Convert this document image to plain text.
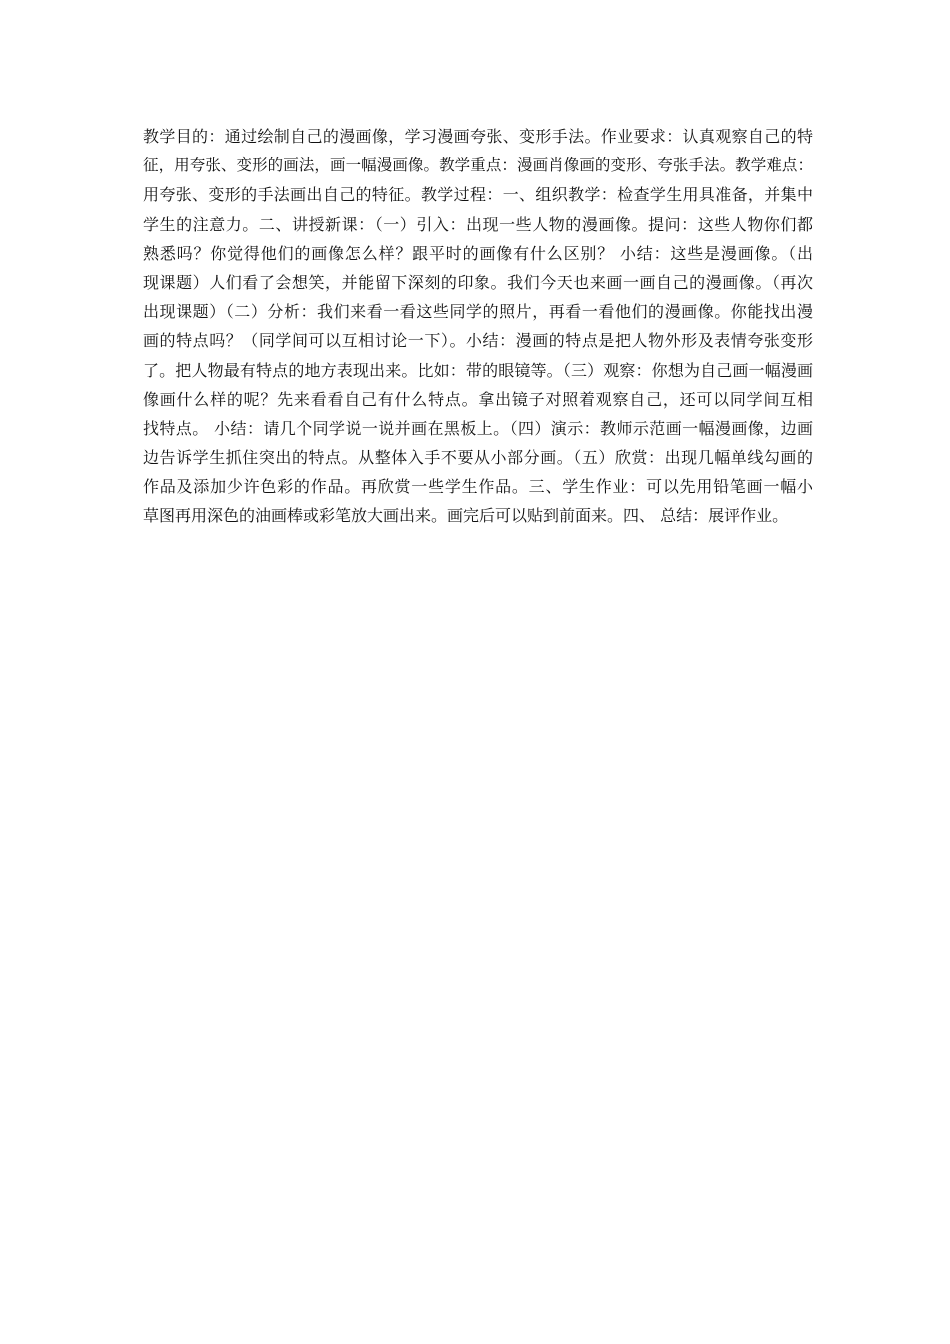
教学目的：通过绘制自己的漫画像，学习漫画夸张、变形手法。作业要求：认真观察自己的特
征，用夸张、变形的画法，画一幅漫画像。教学重点：漫画肖像画的变形、夸张手法。教学难点：
用夸张、变形的手法画出自己的特征。教学过程：一、组织教学：检查学生用具准备，并集中
学生的注意力。二、讲授新课：（一）引入：出现一些人物的漫画像。提问：这些人物你们都
熟悉吗？你觉得他们的画像怎么样？跟平时的画像有什么区别？ 小结：这些是漫画像。（出
现课题）人们看了会想笑，并能留下深刻的印象。我们今天也来画一画自己的漫画像。（再次
出现课题）（二）分析：我们来看一看这些同学的照片，再看一看他们的漫画像。你能找出漫
画的特点吗？（同学间可以互相讨论一下）。小结：漫画的特点是把人物外形及表情夸张变形
了。把人物最有特点的地方表现出来。比如：带的眼镜等。（三）观察：你想为自己画一幅漫画
像画什么样的呢？先来看看自己有什么特点。拿出镜子对照着观察自己，还可以同学间互相
找特点。 小结：请几个同学说一说并画在黑板上。（四）演示：教师示范画一幅漫画像，边画
边告诉学生抓住突出的特点。从整体入手不要从小部分画。（五）欣赏：出现几幅单线勾画的
作品及添加少许色彩的作品。再欣赏一些学生作品。三、学生作业：可以先用铅笔画一幅小
草图再用深色的油画棒或彩笔放大画出来。画完后可以贴到前面来。四、 总结：展评作业。
